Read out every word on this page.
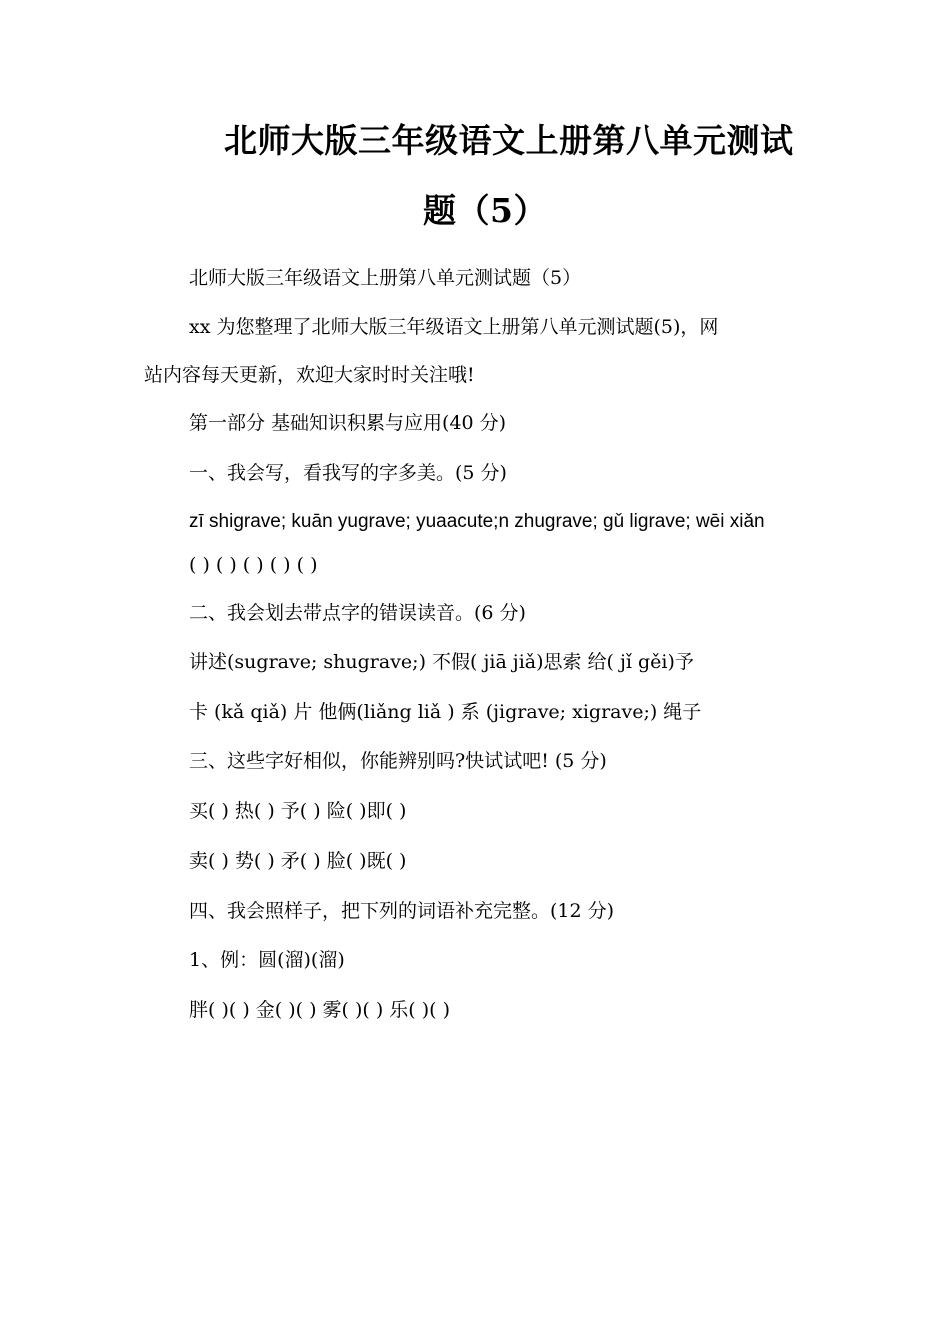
北师大版三年级语文上册第八单元测试
题（5）
北师大版三年级语文上册第八单元测试题（5）
xx 为您整理了北师大版三年级语文上册第八单元测试题(5)，网
站内容每天更新，欢迎大家时时关注哦!
第一部分 基础知识积累与应用(40 分)
一、我会写，看我写的字多美。(5 分)
zī shigrave; kuān yugrave; yuaacute;n zhugrave; gǔ ligrave; wēi xiǎn
( ) ( ) ( ) ( ) ( )
二、我会划去带点字的错误读音。(6 分)
讲述(sugrave; shugrave;) 不假( jiā jiǎ)思索 给( jǐ gěi)予
卡 (kǎ qiǎ) 片 他俩(liǎng liǎ ) 系 (jigrave; xigrave;) 绳子
三、这些字好相似，你能辨别吗?快试试吧! (5 分)
买( ) 热( ) 予( ) 险( )即( )
卖( ) 势( ) 矛( ) 脸( )既( )
四、我会照样子，把下列的词语补充完整。(12 分)
1、例：圆(溜)(溜)
胖( )( ) 金( )( ) 雾( )( ) 乐( )( )
